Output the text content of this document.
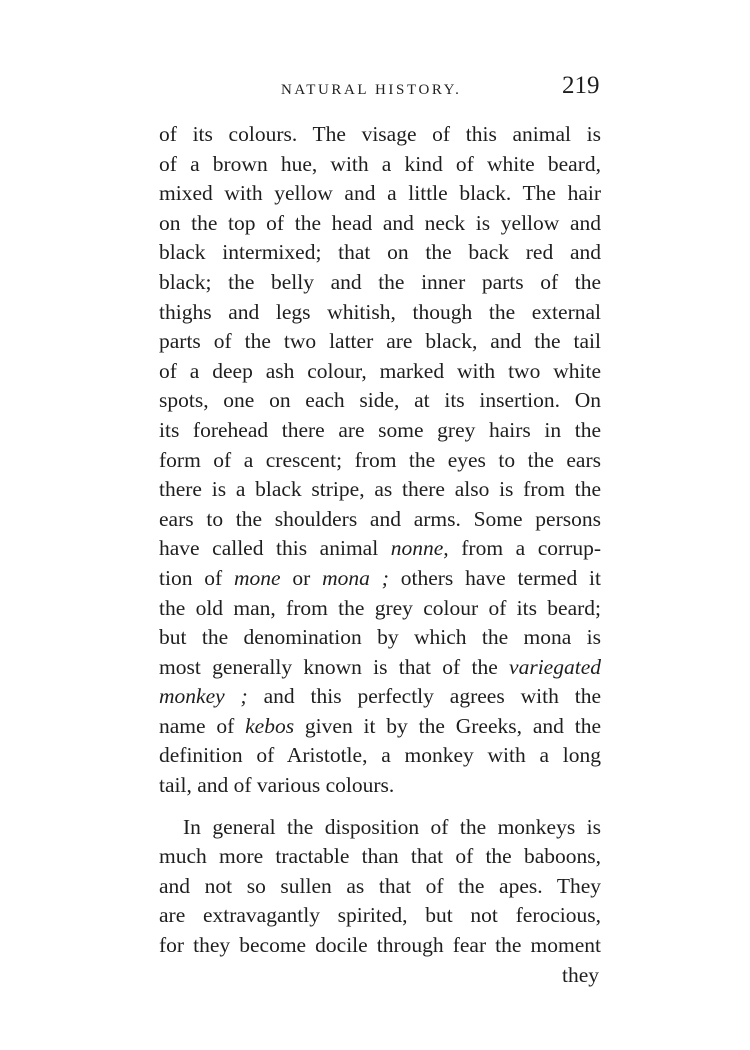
NATURAL HISTORY.	219
of its colours. The visage of this animal is
of a brown hue, with a kind of white beard,
mixed with yellow and a little black. The hair
on the top of the head and neck is yellow and
black intermixed; that on the back red and
black; the belly and the inner parts of the
thighs and legs whitish, though the external
parts of the two latter are black, and the tail
of a deep ash colour, marked with two white
spots, one on each side, at its insertion. On
its forehead there are some grey hairs in the
form of a crescent; from the eyes to the ears
there is a black stripe, as there also is from the
ears to the shoulders and arms. Some persons
have called this animal nonne, from a corrup-
tion of mone or mona ; others have termed it
the old man, from the grey colour of its beard;
but the denomination by which the mona is
most generally known is that of the variegated
monkey ; and this perfectly agrees with the
name of kebos given it by the Greeks, and the
definition of Aristotle, a monkey with a long
tail, and of various colours.
In general the disposition of the monkeys is
much more tractable than that of the baboons,
and not so sullen as that of the apes. They
are extravagantly spirited, but not ferocious,
for they become docile through fear the moment
they
